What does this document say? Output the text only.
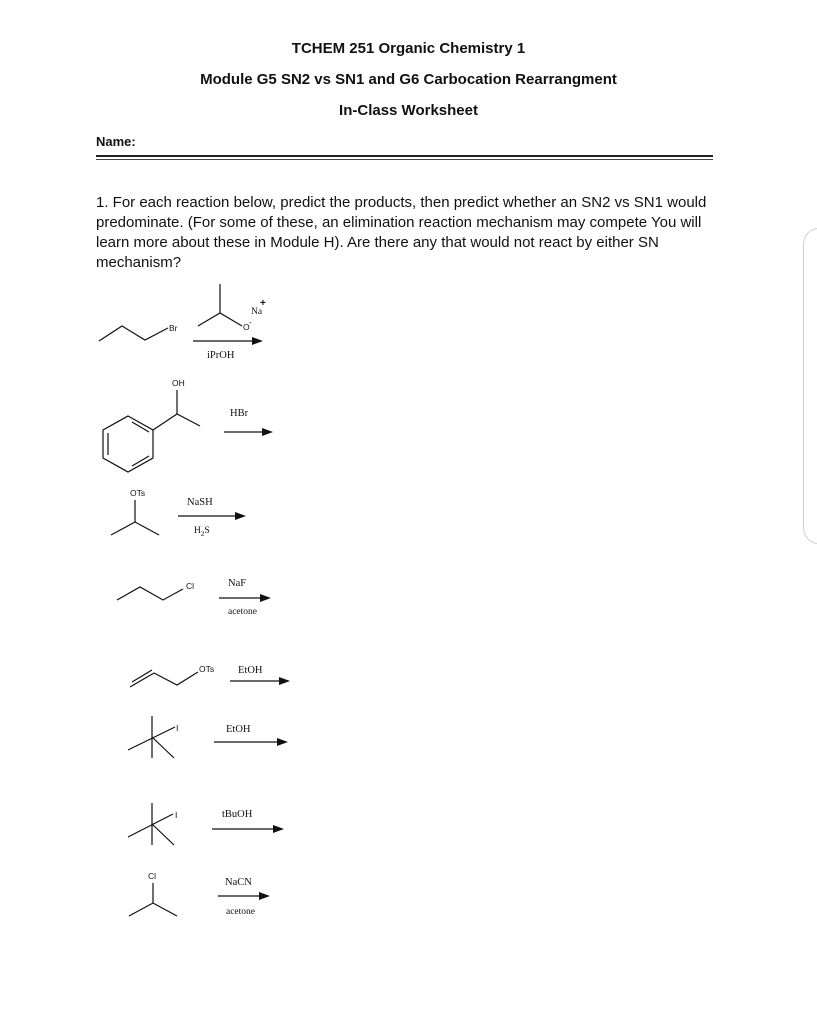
TCHEM 251 Organic Chemistry 1
Module G5 SN2 vs SN1 and G6 Carbocation Rearrangment
In-Class Worksheet
Name:
1. For each reaction below, predict the products, then predict whether an SN2 vs SN1 would predominate. (For some of these, an elimination reaction mechanism may compete You will learn more about these in Module H). Are there any that would not react by either SN mechanism?
Br	O -
Na
+
iPrOH
OH
HBr
OTs
NaSH
$H_2S$
Cl	NaF
acetone
OTs EtOH
I	EtOH
I	tBuOH
Cl
NaCN
acetone
